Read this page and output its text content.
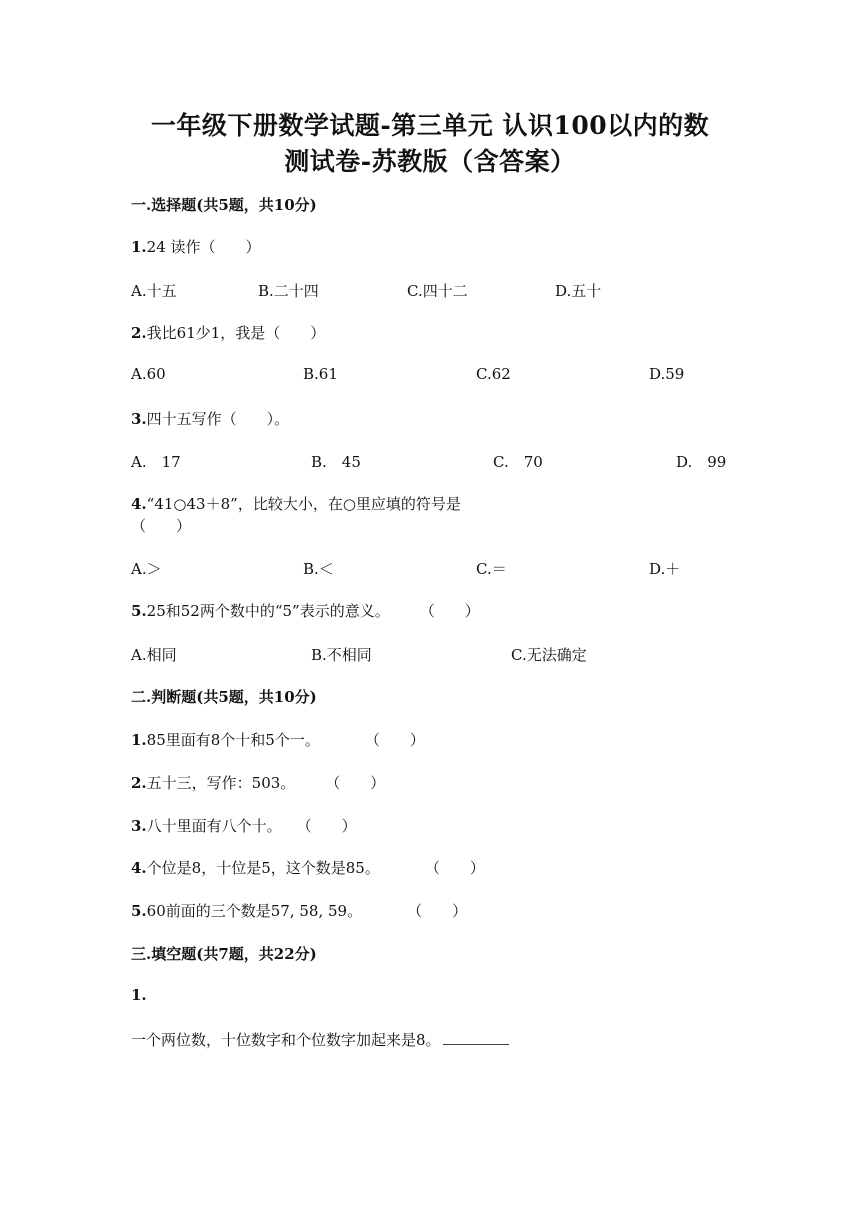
一年级下册数学试题-第三单元 认识100以内的数
测试卷-苏教版（含答案）
一.选择题(共5题，共10分)
1.24 读作（　　）
A.十五	B.二十四	C.四十二	D.五十
2.我比61少1，我是（　　）
A.60	B.61	C.62	D.59
3.四十五写作（　　）。
A.　17	B.　45	C.　70	D.　99
4.“41○43＋8”，比较大小，在○里应填的符号是
（　　）
A.＞	B.＜	C.＝	D.＋
5.25和52两个数中的“5”表示的意义。　　　（　　）
A.相同	B.不相同	C.无法确定
二.判断题(共5题，共10分)
1.85里面有8个十和5个一。　　　　（　　）
2.五十三，写作：503。　　　（　　）
3.八十里面有八个十。　　（　　）
4.个位是8，十位是5，这个数是85。　　　　（　　）
5.60前面的三个数是57, 58, 59。　　　　（　　）
三.填空题(共7题，共22分)
1.
一个两位数，十位数字和个位数字加起来是8。
